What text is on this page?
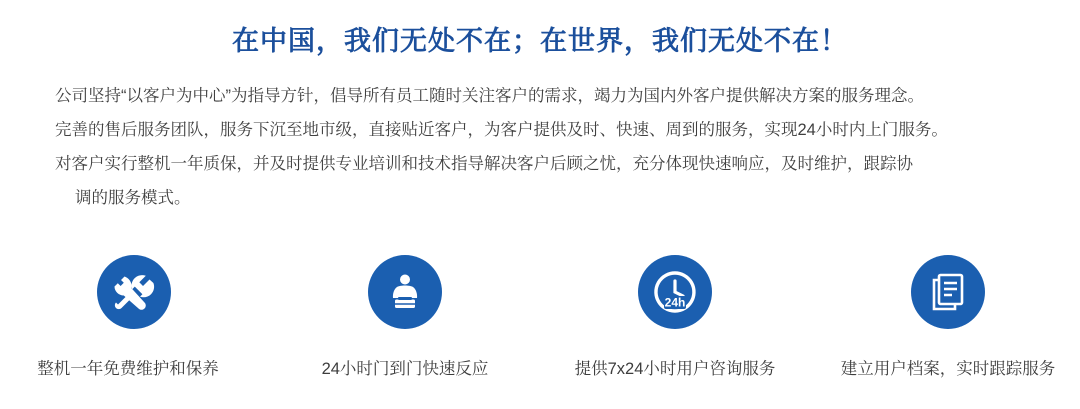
在中国，我们无处不在；在世界，我们无处不在！
公司坚持“以客户为中心”为指导方针，倡导所有员工随时关注客户的需求，竭力为国内外客户提供解决方案的服务理念。
完善的售后服务团队，服务下沉至地市级，直接贴近客户，为客户提供及时、快速、周到的服务，实现24小时内上门服务。
对客户实行整机一年质保，并及时提供专业培训和技术指导解决客户后顾之忧，充分体现快速响应，及时维护，跟踪协
调的服务模式。
整机一年免费维护和保养	24小时门到门快速反应
24h
提供7x24小时用户咨询服务	建立用户档案，实时跟踪服务
